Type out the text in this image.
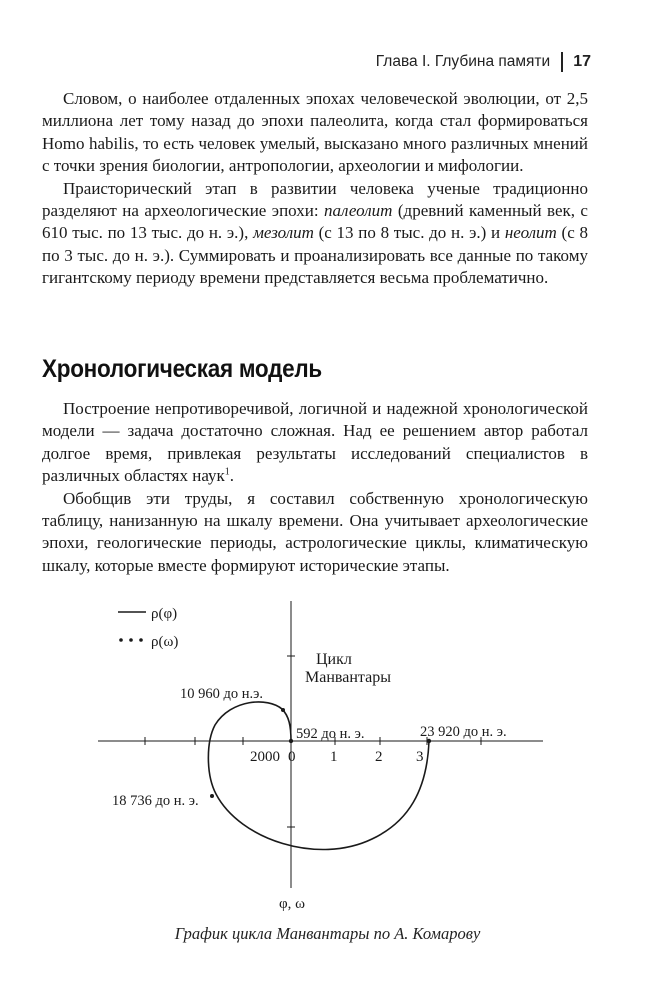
Глава I. Глубина памяти 17

Словом, о наиболее отдаленных эпохах человеческой эволюции, от 2,5 миллиона лет тому назад до эпохи палеолита, когда стал формироваться Homo habilis, то есть человек умелый, высказано много различных мнений с точки зрения биологии, антропологии, археологии и мифологии.

Праисторический этап в развитии человека ученые традиционно разделяют на археологические эпохи: палеолит (древний каменный век, с 610 тыс. по 13 тыс. до н. э.), мезолит (с 13 по 8 тыс. до н. э.) и неолит (с 8 по 3 тыс. до н. э.). Суммировать и проанализировать все данные по такому гигантскому периоду времени представляется весьма проблематично.

Хронологическая модель

Построение непротиворечивой, логичной и надежной хронологической модели — задача достаточно сложная. Над ее решением автор работал долгое время, привлекая результаты исследований специалистов в различных областях наук$^1$.

Обобщив эти труды, я составил собственную хронологическую таблицу, нанизанную на шкалу времени. Она учитывает археологические эпохи, геологические периоды, астрологические циклы, климатическую шкалу, которые вместе формируют исторические этапы.

ρ(φ)
ρ(ω)
Цикл
Манвантары
10 960 до н.э.
592 до н. э.	23 920 до н. э.
18 736 до н. э.
2000 0 1	2 3
φ, ω
График цикла Манвантары по А. Комарову
